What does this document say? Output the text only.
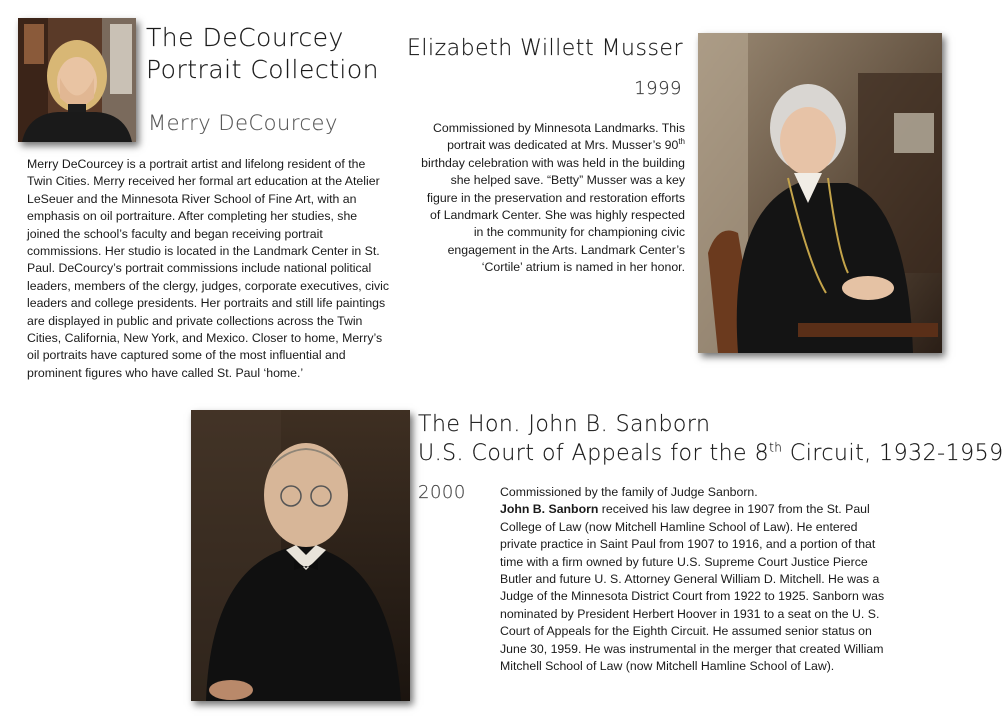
The DeCourcey
Portrait Collection
Merry DeCourcey
Merry DeCourcey is a portrait artist and lifelong resident of the Twin Cities. Merry received her formal art education at the Atelier LeSeuer and the Minnesota River School of Fine Art, with an emphasis on oil portraiture. After completing her studies, she joined the school’s faculty and began receiving portrait commissions. Her studio is located in the Landmark Center in St. Paul. DeCourcy’s portrait commissions include national political leaders, members of the clergy, judges, corporate executives, civic leaders and college presidents. Her portraits and still life paintings are displayed in public and private collections across the Twin Cities, California, New York, and Mexico. Closer to home, Merry’s oil portraits have captured some of the most influential and prominent figures who have called St. Paul ‘home.’
Elizabeth Willett Musser
1999
Commissioned by Minnesota Landmarks. This portrait was dedicated at Mrs. Musser’s 90th birthday celebration with was held in the building she helped save. “Betty” Musser was a key figure in the preservation and restoration efforts of Landmark Center. She was highly respected in the community for championing civic engagement in the Arts. Landmark Center’s ‘Cortile’ atrium is named in her honor.
The Hon. John B. Sanborn
U.S. Court of Appeals for the 8th Circuit, 1932-1959
2000	Commissioned by the family of Judge Sanborn.
John B. Sanborn received his law degree in 1907 from the St. Paul College of Law (now Mitchell Hamline School of Law). He entered private practice in Saint Paul from 1907 to 1916, and a portion of that time with a firm owned by future U.S. Supreme Court Justice Pierce Butler and future U. S. Attorney General William D. Mitchell. He was a Judge of the Minnesota District Court from 1922 to 1925. Sanborn was nominated by President Herbert Hoover in 1931 to a seat on the U. S. Court of Appeals for the Eighth Circuit. He assumed senior status on June 30, 1959. He was instrumental in the merger that created William Mitchell School of Law (now Mitchell Hamline School of Law).
